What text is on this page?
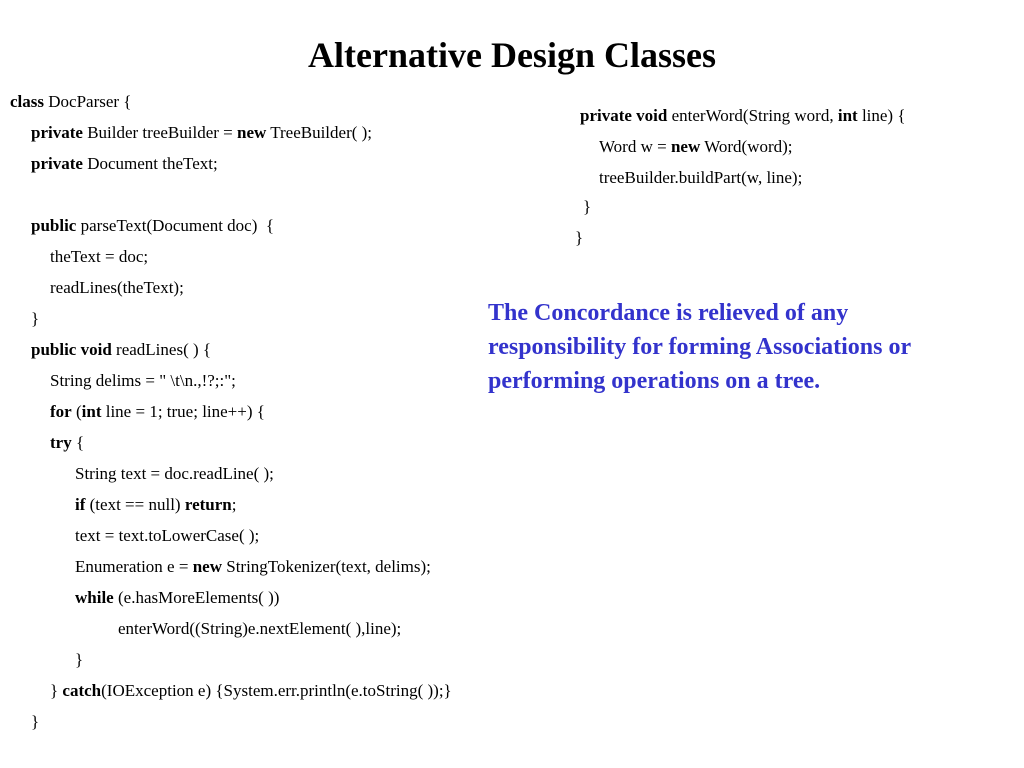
Alternative Design Classes
class DocParser {
private Builder treeBuilder = new TreeBuilder( );
private Document theText;
public parseText(Document doc)  {
theText = doc;
readLines(theText);
}
public void readLines( ) {
String delims = " \t\n.,!?;:";
for (int line = 1; true; line++) {
try {
String text = doc.readLine( );
if (text == null) return;
text = text.toLowerCase( );
Enumeration e = new StringTokenizer(text, delims);
while (e.hasMoreElements( ))
enterWord((String)e.nextElement( ),line);
}
} catch(IOException e) {System.err.println(e.toString( ));}
}
private void enterWord(String word, int line) {
Word w = new Word(word);
treeBuilder.buildPart(w, line);
}
}

The Concordance is relieved of any responsibility for forming Associations or performing operations on a tree.
